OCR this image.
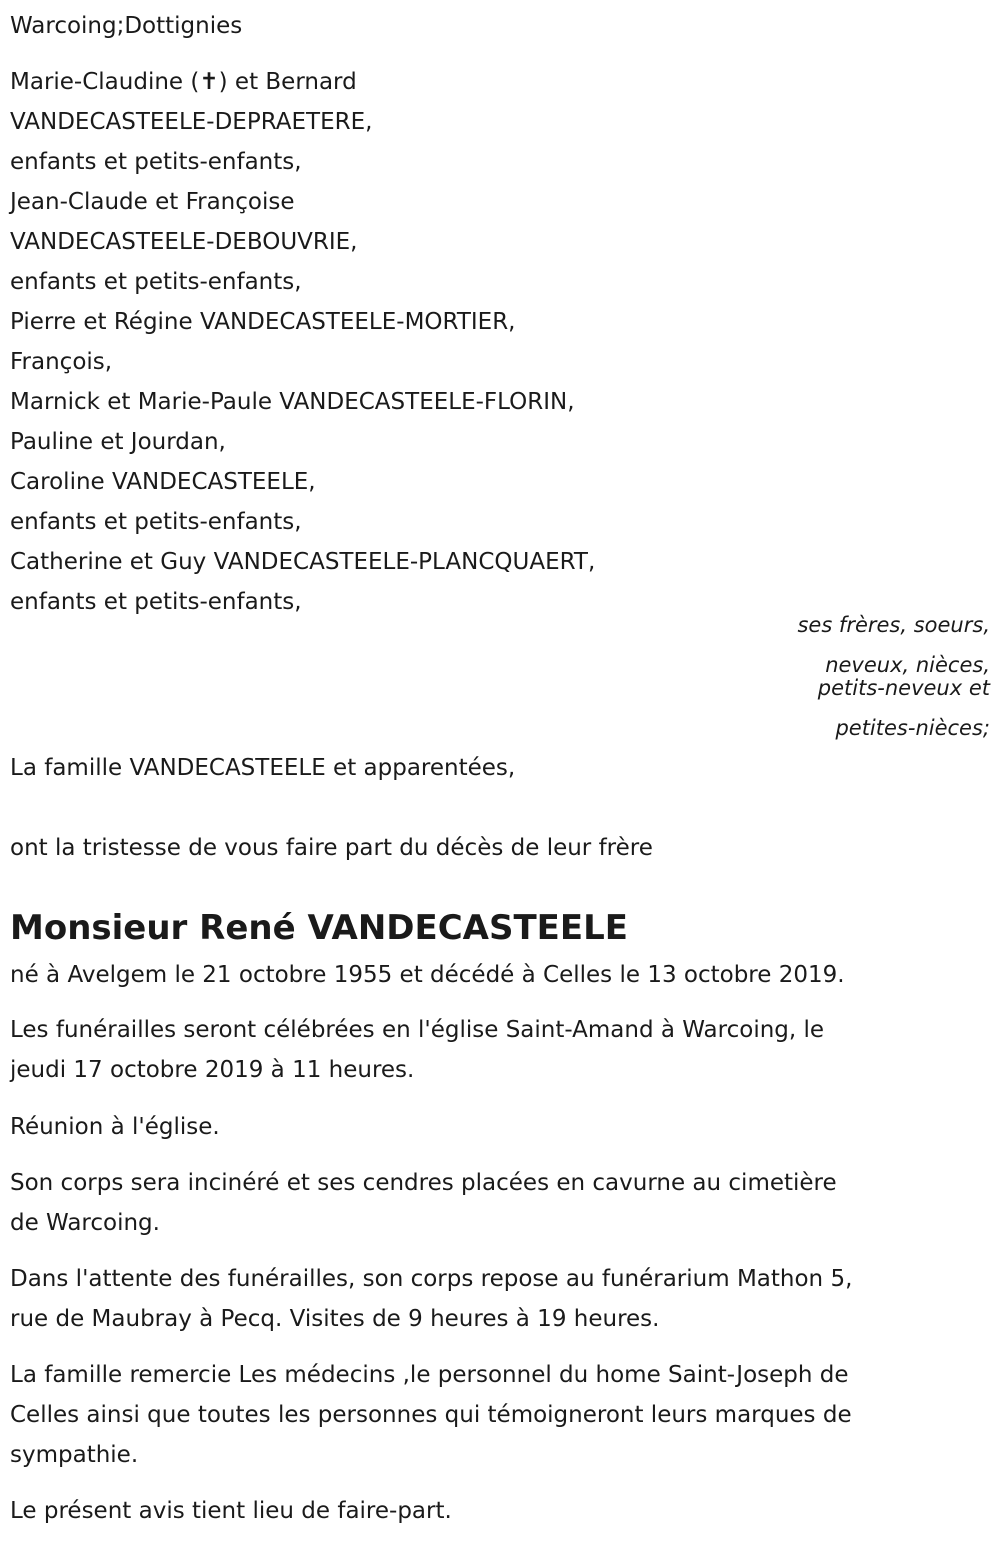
Warcoing;Dottignies
Marie-Claudine (✝) et Bernard
VANDECASTEELE-DEPRAETERE,
enfants et petits-enfants,
Jean-Claude et Françoise
VANDECASTEELE-DEBOUVRIE,
enfants et petits-enfants,
Pierre et Régine VANDECASTEELE-MORTIER,
François,
Marnick et Marie-Paule VANDECASTEELE-FLORIN,
Pauline et Jourdan,
Caroline VANDECASTEELE,
enfants et petits-enfants,
Catherine et Guy VANDECASTEELE-PLANCQUAERT,
enfants et petits-enfants,
ses frères, soeurs,
neveux, nièces,
petits-neveux et
petites-nièces;
La famille VANDECASTEELE et apparentées,
ont la tristesse de vous faire part du décès de leur frère
Monsieur René VANDECASTEELE
né à Avelgem le 21 octobre 1955 et décédé à Celles le 13 octobre 2019.
Les funérailles seront célébrées en l'église Saint-Amand à Warcoing, le
jeudi 17 octobre 2019 à 11 heures.
Réunion à l'église.
Son corps sera incinéré et ses cendres placées en cavurne au cimetière
de Warcoing.
Dans l'attente des funérailles, son corps repose au funérarium Mathon 5,
rue de Maubray à Pecq. Visites de 9 heures à 19 heures.
La famille remercie Les médecins ,le personnel du home Saint-Joseph de
Celles ainsi que toutes les personnes qui témoigneront leurs marques de
sympathie.
Le présent avis tient lieu de faire-part.
